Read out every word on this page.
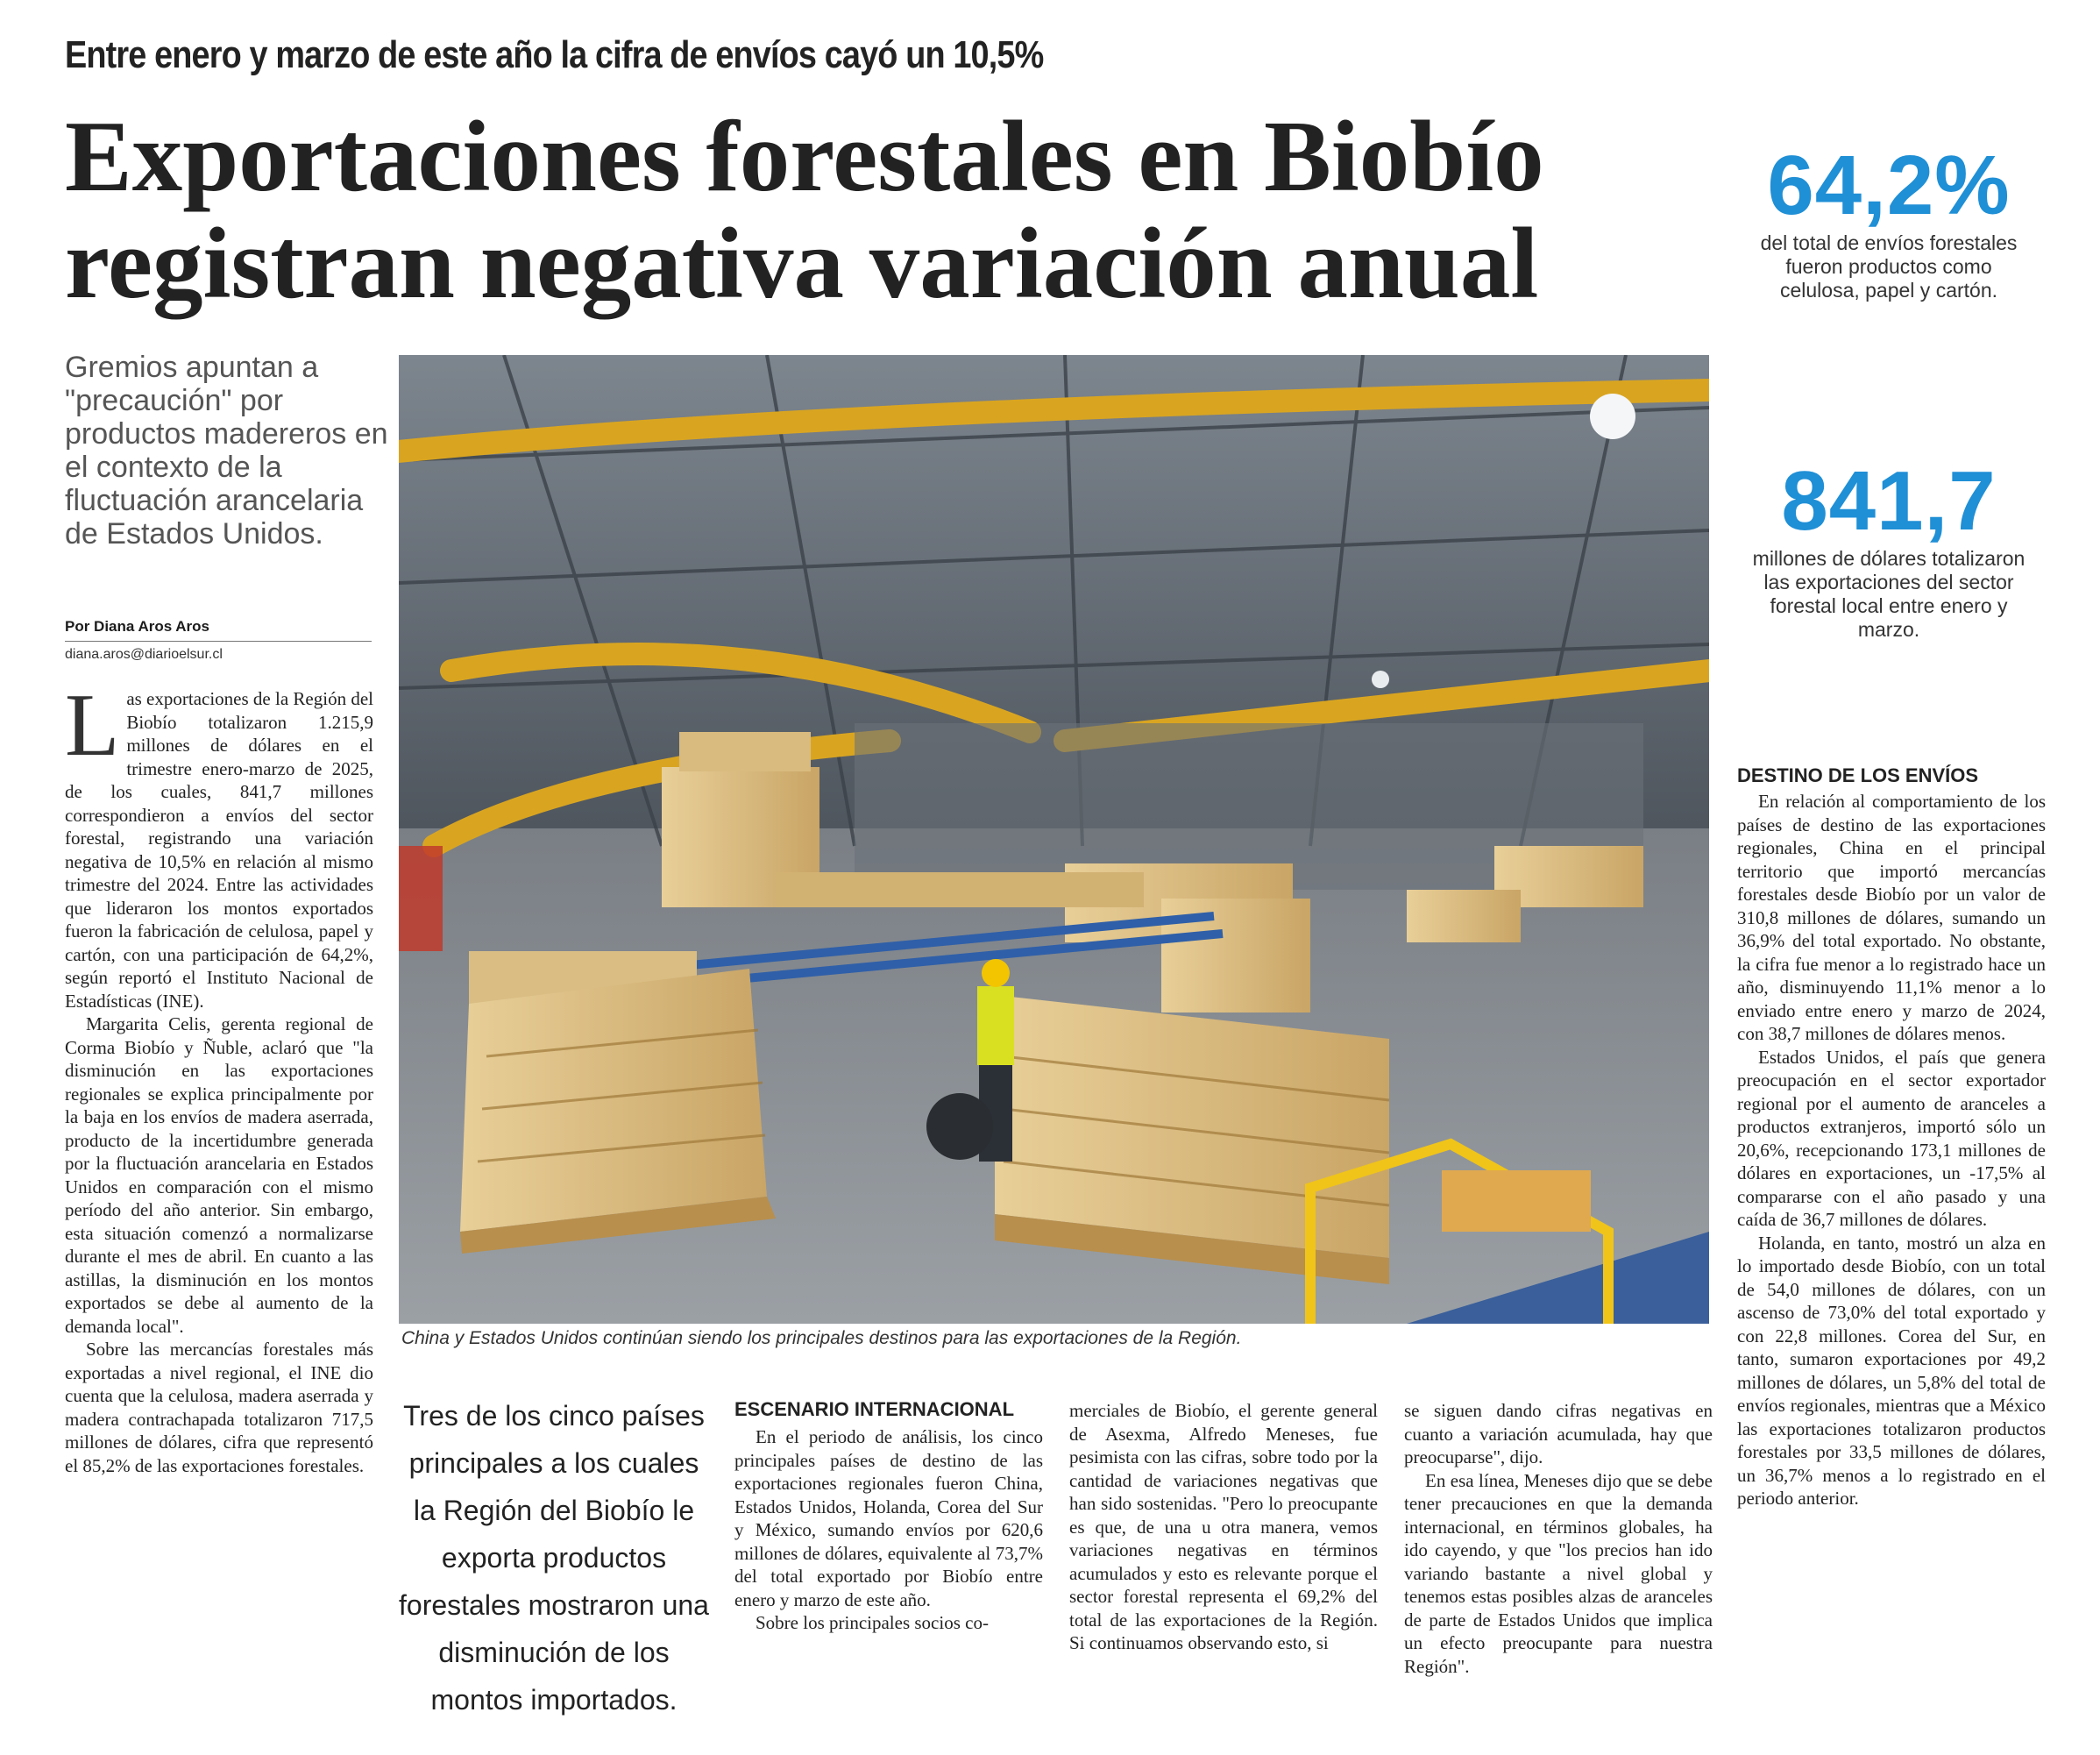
Entre enero y marzo de este año la cifra de envíos cayó un 10,5%
Exportaciones forestales en Biobío
registran negativa variación anual
64,2%
del total de envíos forestales fueron productos como celulosa, papel y cartón.
841,7
millones de dólares totalizaron las exportaciones del sector forestal local entre enero y marzo.
Gremios apuntan a "precaución" por productos madereros en el contexto de la fluctuación arancelaria de Estados Unidos.
Por Diana Aros Aros
diana.aros@diarioelsur.cl

Las exportaciones de la Región del Biobío totalizaron 1.215,9 millones de dólares en el trimestre enero-marzo de 2025, de los cuales, 841,7 millones correspondieron a envíos del sector forestal, registrando una variación negativa de 10,5% en relación al mismo trimestre del 2024. Entre las actividades que lideraron los montos exportados fueron la fabricación de celulosa, papel y cartón, con una participación de 64,2%, según reportó el Instituto Nacional de Estadísticas (INE).

Margarita Celis, gerenta regional de Corma Biobío y Ñuble, aclaró que "la disminución en las exportaciones regionales se explica principalmente por la baja en los envíos de madera aserrada, producto de la incertidumbre generada por la fluctuación arancelaria en Estados Unidos en comparación con el mismo período del año anterior. Sin embargo, esta situación comenzó a normalizarse durante el mes de abril. En cuanto a las astillas, la disminución en los montos exportados se debe al aumento de la demanda local".

Sobre las mercancías forestales más exportadas a nivel regional, el INE dio cuenta que la celulosa, madera aserrada y madera contrachapada totalizaron 717,5 millones de dólares, cifra que representó el 85,2% de las exportaciones forestales.

China y Estados Unidos continúan siendo los principales destinos para las exportaciones de la Región.
Tres de los cinco países principales a los cuales la Región del Biobío le exporta productos forestales mostraron una disminución de los montos importados.
ESCENARIO INTERNACIONAL

En el periodo de análisis, los cinco principales países de destino de las exportaciones regionales fueron China, Estados Unidos, Holanda, Corea del Sur y México, sumando envíos por 620,6 millones de dólares, equivalente al 73,7% del total exportado por Biobío entre enero y marzo de este año.

Sobre los principales socios co-

merciales de Biobío, el gerente general de Asexma, Alfredo Meneses, fue pesimista con las cifras, sobre todo por la cantidad de variaciones negativas que han sido sostenidas. "Pero lo preocupante es que, de una u otra manera, vemos variaciones negativas en términos acumulados y esto es relevante porque el sector forestal representa el 69,2% del total de las exportaciones de la Región. Si continuamos observando esto, si

se siguen dando cifras negativas en cuanto a variación acumulada, hay que preocuparse", dijo.

En esa línea, Meneses dijo que se debe tener precauciones en que la demanda internacional, en términos globales, ha ido cayendo, y que "los precios han ido variando bastante a nivel global y tenemos estas posibles alzas de aranceles de parte de Estados Unidos que implica un efecto preocupante para nuestra Región".

DESTINO DE LOS ENVÍOS

En relación al comportamiento de los países de destino de las exportaciones regionales, China en el principal territorio que importó mercancías forestales desde Biobío por un valor de 310,8 millones de dólares, sumando un 36,9% del total exportado. No obstante, la cifra fue menor a lo registrado hace un año, disminuyendo 11,1% menor a lo enviado entre enero y marzo de 2024, con 38,7 millones de dólares menos.

Estados Unidos, el país que genera preocupación en el sector exportador regional por el aumento de aranceles a productos extranjeros, importó sólo un 20,6%, recepcionando 173,1 millones de dólares en exportaciones, un -17,5% al compararse con el año pasado y una caída de 36,7 millones de dólares.

Holanda, en tanto, mostró un alza en lo importado desde Biobío, con un total de 54,0 millones de dólares, con un ascenso de 73,0% del total exportado y con 22,8 millones. Corea del Sur, en tanto, sumaron exportaciones por 49,2 millones de dólares, un 5,8% del total de envíos regionales, mientras que a México las exportaciones totalizaron productos forestales por 33,5 millones de dólares, un 36,7% menos a lo registrado en el periodo anterior.
